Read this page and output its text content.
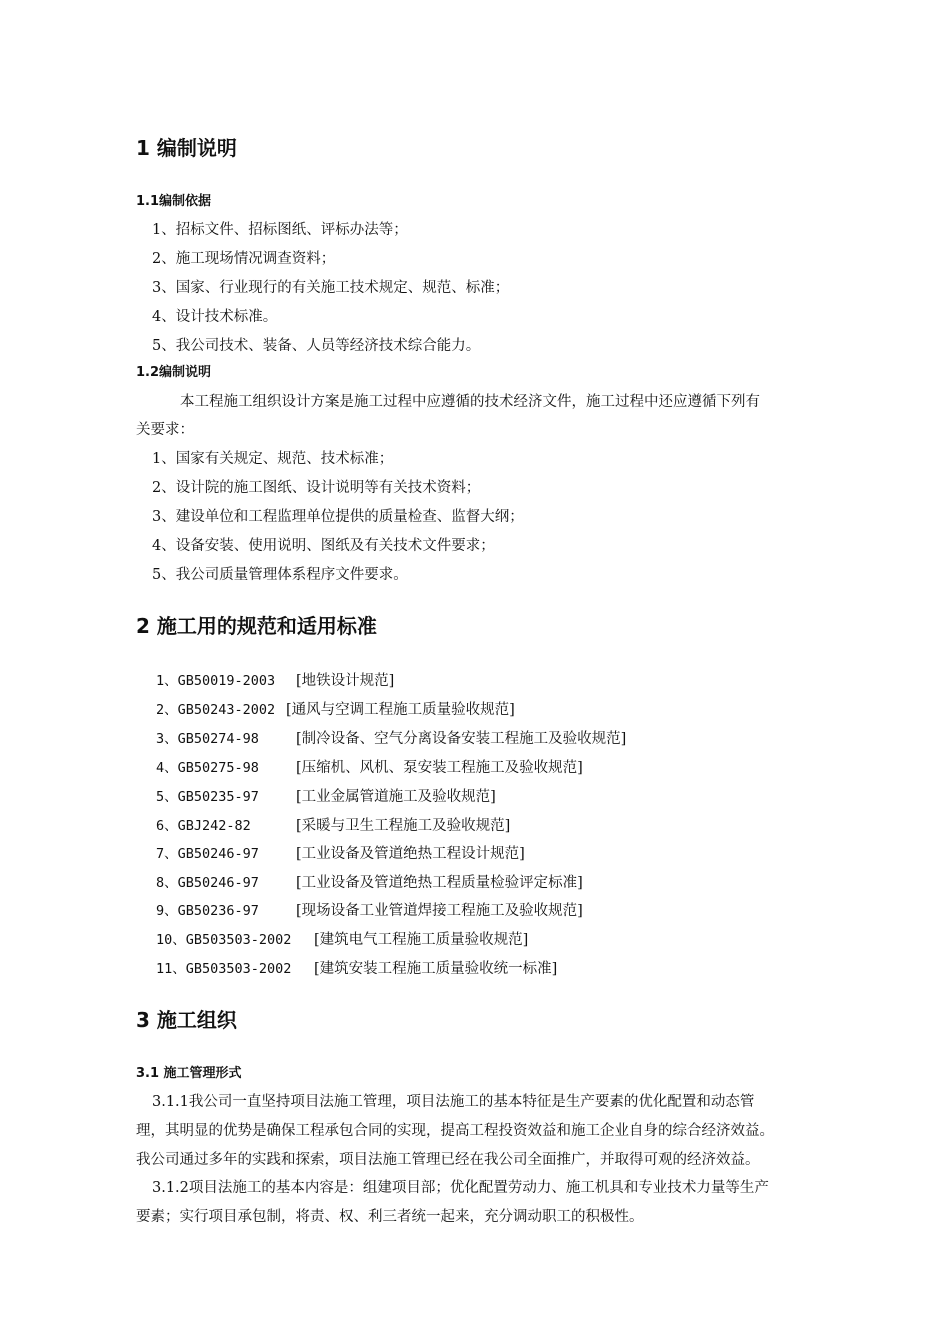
1 编制说明
1.1编制依据
1、招标文件、招标图纸、评标办法等；
2、施工现场情况调查资料；
3、国家、行业现行的有关施工技术规定、规范、标准；
4、设计技术标准。
5、我公司技术、装备、人员等经济技术综合能力。
1.2编制说明
本工程施工组织设计方案是施工过程中应遵循的技术经济文件，施工过程中还应遵循下列有
关要求：
1、国家有关规定、规范、技术标准；
2、设计院的施工图纸、设计说明等有关技术资料；
3、建设单位和工程监理单位提供的质量检查、监督大纲；
4、设备安装、使用说明、图纸及有关技术文件要求；
5、我公司质量管理体系程序文件要求。
2 施工用的规范和适用标准
1、GB50019-2003 [地铁设计规范]
2、GB50243-2002 [通风与空调工程施工质量验收规范]
3、GB50274-98	[制冷设备、空气分离设备安装工程施工及验收规范]
4、GB50275-98	[压缩机、风机、泵安装工程施工及验收规范]
5、GB50235-97	[工业金属管道施工及验收规范]
6、GBJ242-82	[采暖与卫生工程施工及验收规范]
7、GB50246-97	[工业设备及管道绝热工程设计规范]
8、GB50246-97	[工业设备及管道绝热工程质量检验评定标准]
9、GB50236-97	[现场设备工业管道焊接工程施工及验收规范]
10、GB503503-2002 [建筑电气工程施工质量验收规范]
11、GB503503-2002 [建筑安装工程施工质量验收统一标准]
3 施工组织
3.1 施工管理形式
3.1.1我公司一直坚持项目法施工管理，项目法施工的基本特征是生产要素的优化配置和动态管
理，其明显的优势是确保工程承包合同的实现，提高工程投资效益和施工企业自身的综合经济效益。
我公司通过多年的实践和探索，项目法施工管理已经在我公司全面推广，并取得可观的经济效益。
3.1.2项目法施工的基本内容是：组建项目部；优化配置劳动力、施工机具和专业技术力量等生产
要素；实行项目承包制，将责、权、利三者统一起来，充分调动职工的积极性。
